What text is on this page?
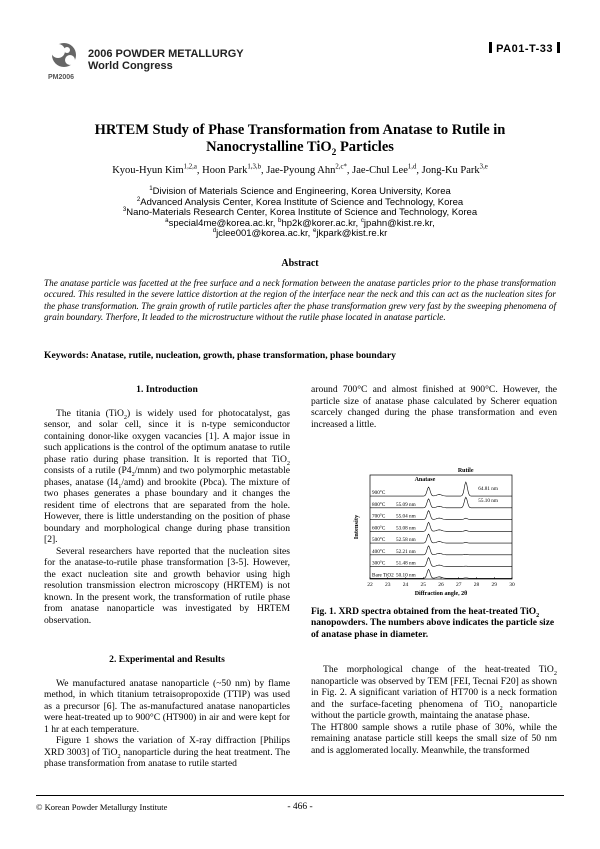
PM2006
2006 POWDER METALLURGY
World Congress
PA01-T-33
HRTEM Study of Phase Transformation from Anatase to Rutile in
Nanocrystalline TiO$_2$ Particles
Kyou-Hyun Kim$^{1,2,a}$, Hoon Park$^{1,3,b}$, Jae-Pyoung Ahn$^{2,c*}$, Jae-Chul Lee$^{1,d}$, Jong-Ku Park$^{3,e}$
$^1$Division of Materials Science and Engineering, Korea University, Korea
$^2$Advanced Analysis Center, Korea Institute of Science and Technology, Korea
$^3$Nano-Materials Research Center, Korea Institute of Science and Technology, Korea
$^a$special4me@korea.ac.kr, $^b$hp2k@korer.ac.kr, $^c$jpahn@kist.re.kr,
$^d$jclee001@korea.ac.kr, $^e$jkpark@kist.re.kr
Abstract
The anatase particle was facetted at the free surface and a neck formation between the anatase particles prior to the phase transformation occured. This resulted in the severe lattice distortion at the region of the interface near the neck and this can act as the nucleation sites for the phase transformation. The grain growth of rutile particles after the phase transformation grew very fast by the sweeping phenomena of grain boundary. Therfore, It leaded to the microstructure without the rutile phase located in anatase particle.
Keywords: Anatase, rutile, nucleation, growth, phase transformation, phase boundary
1. Introduction

The titania (TiO$_2$) is widely used for photocatalyst, gas sensor, and solar cell, since it is n-type semiconductor containing donor-like oxygen vacancies [1]. A major issue in such applications is the control of the optimum anatase to rutile phase ratio during phase transition. It is reported that TiO$_2$ consists of a rutile $(P4_2/mnm)$ and two polymorphic metastable phases, anatase $(I4_1/amd)$ and brookite (Pbca). The mixture of two phases generates a phase boundary and it changes the resident time of electrons that are separated from the hole. However, there is little understanding on the position of phase boundary and morphological change during phase transition [2].

Several researchers have reported that the nucleation sites for the anatase-to-rutile phase transformation [3-5]. However, the exact nucleation site and growth behavior using high resolution transmission electron microscopy (HRTEM) is not known. In the present work, the transformation of rutile phase from anatase nanoparticle was investigated by HRTEM observation.

2. Experimental and Results

We manufactured anatase nanoparticle (~50 nm) by flame method, in which titanium tetraisopropoxide (TTIP) was used as a precursor [6]. The as-manufactured anatase nanoparticles were heat-treated up to 900°C (HT900) in air and were kept for 1 hr at each temperature.

Figure 1 shows the variation of X-ray diffraction [Philips XRD 3003] of TiO$_2$ nanoparticle during the heat treatment. The phase transformation from anatase to rutile started

around 700°C and almost finished at 900°C. However, the particle size of anatase phase calculated by Scherer equation scarcely changed during the phase transformation and even increased a little.

900°C
64.81 nm
800°C 55.09 nm
55.10 nm
700°C 55.04 nm
600°C 53.08 nm
500°C 52.58 nm
400°C 52.21 nm
300°C 51.48 nm
Bare TiO2 50.10 nm
Anatase
Rutile
22 23 24 25 26 27 28 29 30
Diffraction angle, 2θ
Intensity
Fig. 1. XRD spectra obtained from the heat-treated TiO$_2$ nanopowders. The numbers above indicates the particle size of anatase phase in diameter.

The morphological change of the heat-treated TiO$_2$ nanoparticle was observed by TEM [FEI, Tecnai F20] as shown in Fig. 2. A significant variation of HT700 is a neck formation and the surface-faceting phenomena of TiO$_2$ nanoparticle without the particle growth, maintaing the anatase phase.

The HT800 sample shows a rutile phase of 30%, while the remaining anatase particle still keeps the small size of 50 nm and is agglomerated locally. Meanwhile, the transformed

© Korean Powder Metallurgy Institute	- 466 -
